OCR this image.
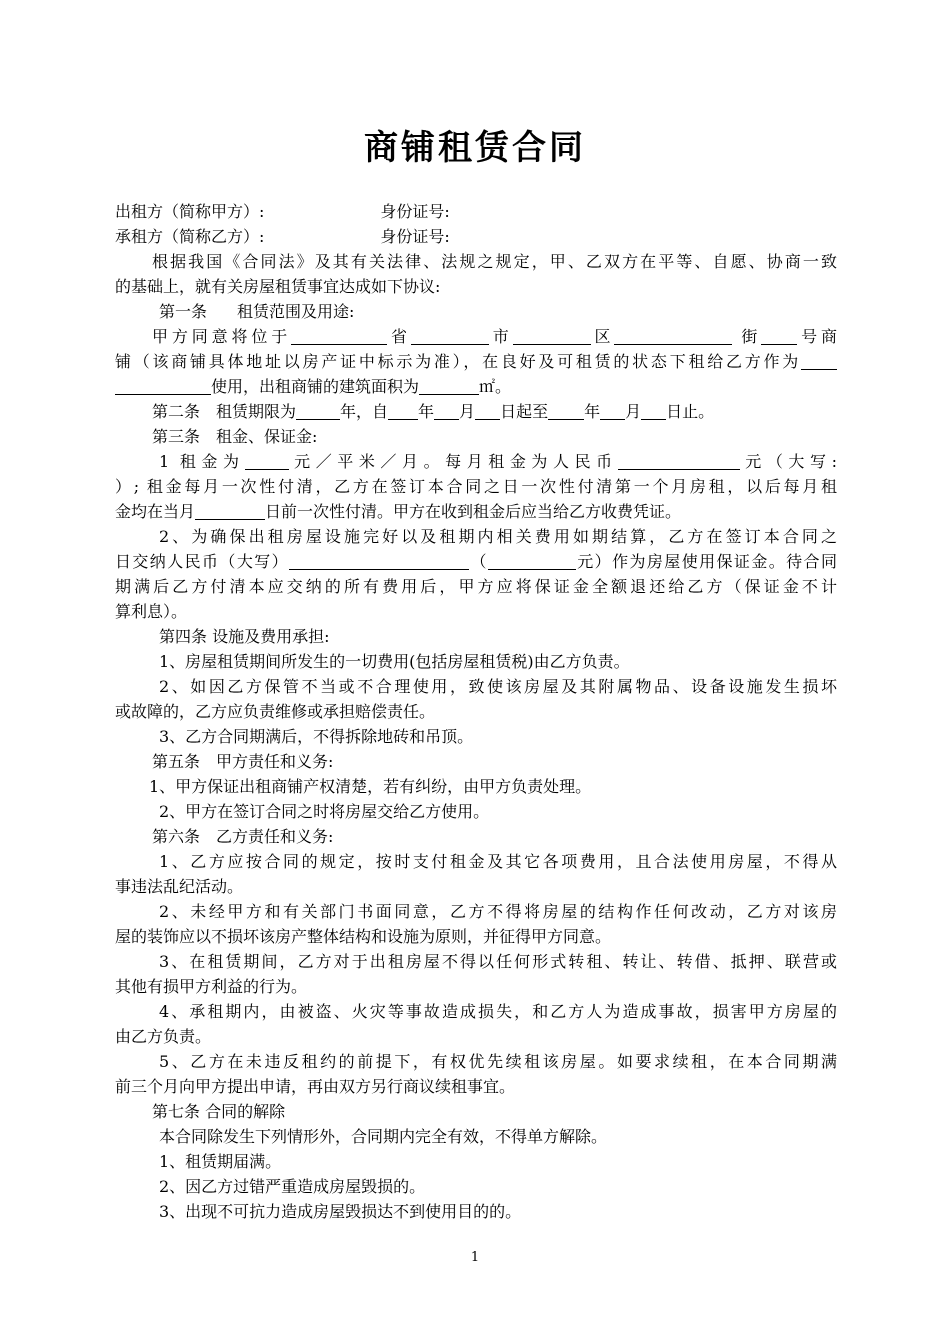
商铺租赁合同

出租方（简称甲方）:	身份证号:

承租方（简称乙方）:	身份证号:

根据我国《合同法》及其有关法律、法规之规定，甲、乙双方在平等、自愿、协商一致

的基础上，就有关房屋租赁事宜达成如下协议:

第一条 租赁范围及用途:

甲方同意将位于	省	市	区	街 号商

铺（该商铺具体地址以房产证中标示为准），在良好及可租赁的状态下租给乙方作为

使用，出租商铺的建筑面积为	㎡。

第二条　租赁期限为	年，自 年 月 日起至 年 月 日止。

第三条　租金、保证金:

1 租金为	元／平米／月。每月租金为人民币	元（大写:

）; 租金每月一次性付清，乙方在签订本合同之日一次性付清第一个月房租，以后每月租

金均在当月	日前一次性付清。甲方在收到租金后应当给乙方收费凭证。

2、为确保出租房屋设施完好以及租期内相关费用如期结算，乙方在签订本合同之

日交纳人民币（大写）	（	元）作为房屋使用保证金。待合同

期满后乙方付清本应交纳的所有费用后，甲方应将保证金全额退还给乙方（保证金不计

算利息）。

第四条 设施及费用承担:

1、房屋租赁期间所发生的一切费用(包括房屋租赁税)由乙方负责。

2、如因乙方保管不当或不合理使用，致使该房屋及其附属物品、设备设施发生损坏

或故障的，乙方应负责维修或承担赔偿责任。

3、乙方合同期满后，不得拆除地砖和吊顶。

第五条　甲方责任和义务:

1、甲方保证出租商铺产权清楚，若有纠纷，由甲方负责处理。

2、甲方在签订合同之时将房屋交给乙方使用。

第六条　乙方责任和义务:

1、乙方应按合同的规定，按时支付租金及其它各项费用，且合法使用房屋，不得从

事违法乱纪活动。

2、未经甲方和有关部门书面同意，乙方不得将房屋的结构作任何改动，乙方对该房

屋的装饰应以不损坏该房产整体结构和设施为原则，并征得甲方同意。

3、在租赁期间，乙方对于出租房屋不得以任何形式转租、转让、转借、抵押、联营或

其他有损甲方利益的行为。

4、承租期内，由被盗、火灾等事故造成损失，和乙方人为造成事故，损害甲方房屋的

由乙方负责。

5、乙方在未违反租约的前提下，有权优先续租该房屋。如要求续租，在本合同期满

前三个月向甲方提出申请，再由双方另行商议续租事宜。

第七条 合同的解除

本合同除发生下列情形外，合同期内完全有效，不得单方解除。

1、租赁期届满。

2、因乙方过错严重造成房屋毁损的。

3、出现不可抗力造成房屋毁损达不到使用目的的。

1
